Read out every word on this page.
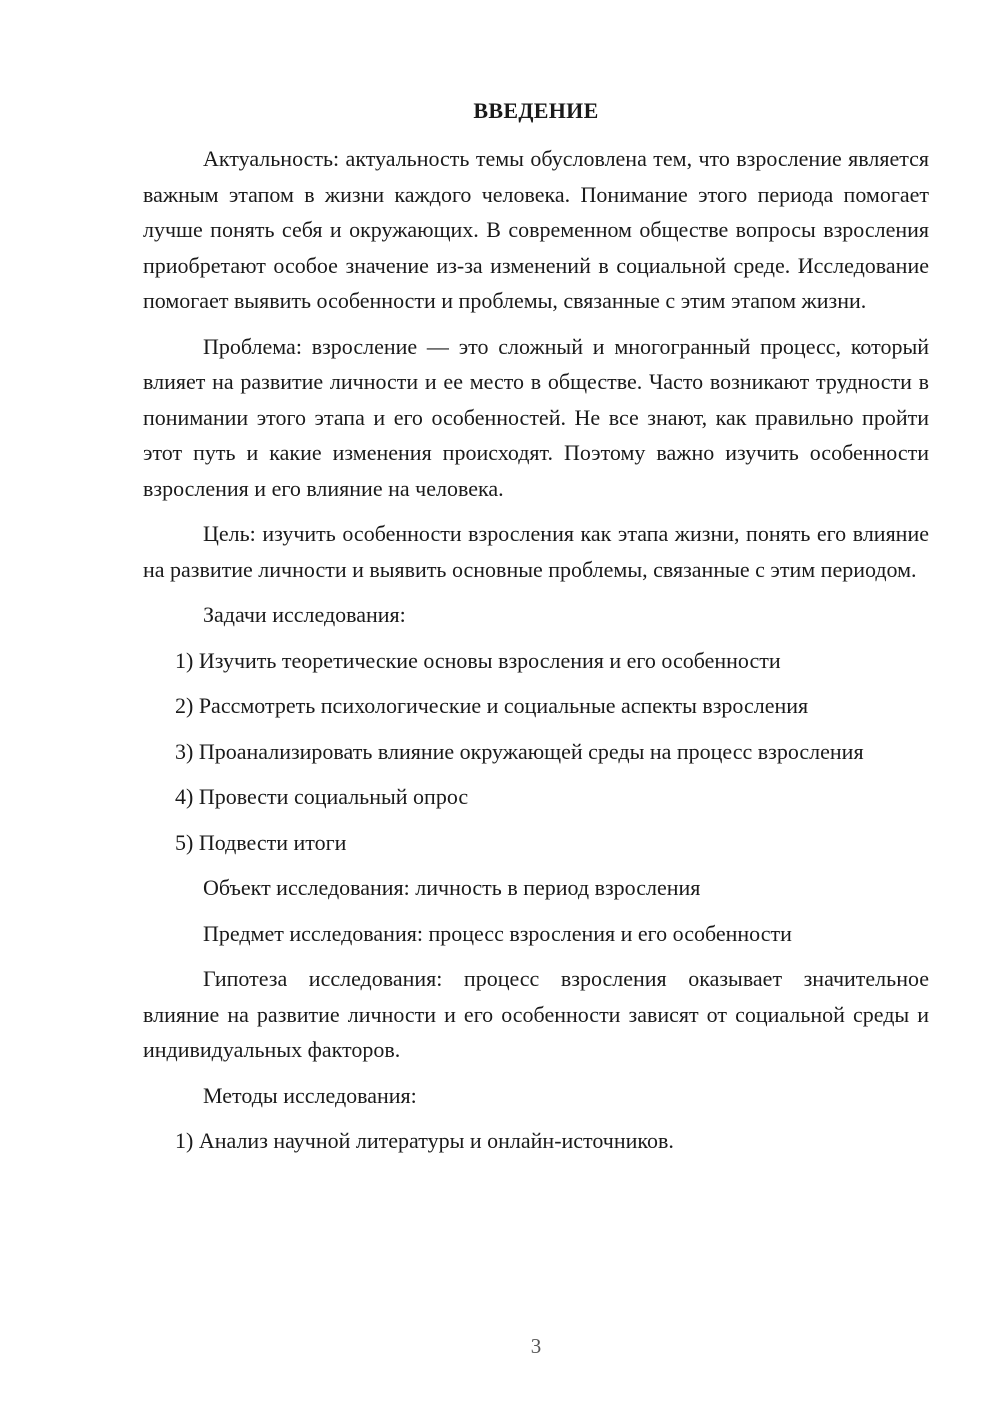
ВВЕДЕНИЕ

Актуальность: актуальность темы обусловлена тем, что взросление является важным этапом в жизни каждого человека. Понимание этого периода помогает лучше понять себя и окружающих. В современном обществе вопросы взросления приобретают особое значение из-за изменений в социальной среде. Исследование помогает выявить особенности и проблемы, связанные с этим этапом жизни.

Проблема: взросление — это сложный и многогранный процесс, который влияет на развитие личности и ее место в обществе. Часто возникают трудности в понимании этого этапа и его особенностей. Не все знают, как правильно пройти этот путь и какие изменения происходят. Поэтому важно изучить особенности взросления и его влияние на человека.

Цель: изучить особенности взросления как этапа жизни, понять его влияние на развитие личности и выявить основные проблемы, связанные с этим периодом.

Задачи исследования:

1) Изучить теоретические основы взросления и его особенности

2) Рассмотреть психологические и социальные аспекты взросления

3) Проанализировать влияние окружающей среды на процесс взросления

4) Провести социальный опрос

5) Подвести итоги

Объект исследования: личность в период взросления

Предмет исследования: процесс взросления и его особенности

Гипотеза исследования: процесс взросления оказывает значительное влияние на развитие личности и его особенности зависят от социальной среды и индивидуальных факторов.

Методы исследования:

1) Анализ научной литературы и онлайн-источников.

3
